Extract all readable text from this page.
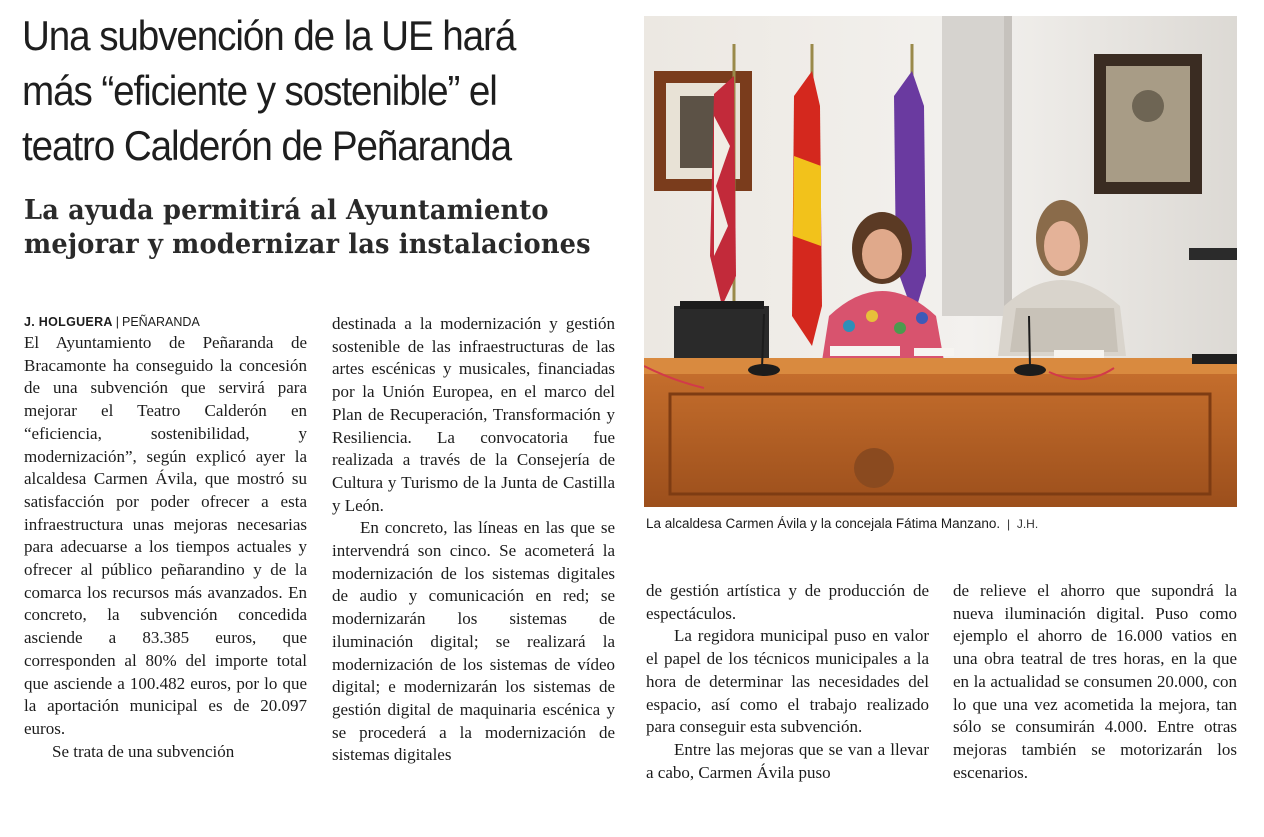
Una subvención de la UE hará más “eficiente y sostenible” el teatro Calderón de Peñaranda
La ayuda permitirá al Ayuntamiento mejorar y modernizar las instalaciones
J. HOLGUERA | PEÑARANDA

El Ayuntamiento de Peñaranda de Bracamonte ha conseguido la concesión de una subvención que servirá para mejorar el Teatro Calderón en “eficiencia, sostenibilidad, y modernización”, según explicó ayer la alcaldesa Carmen Ávila, que mostró su satisfacción por poder ofrecer a esta infraestructura unas mejoras necesarias para adecuarse a los tiempos actuales y ofrecer al público peñarandino y de la comarca los recursos más avanzados. En concreto, la subvención concedida asciende a 83.385 euros, que corresponden al 80% del importe total que asciende a 100.482 euros, por lo que la aportación municipal es de 20.097 euros.

Se trata de una subvención

destinada a la modernización y gestión sostenible de las infraestructuras de las artes escénicas y musicales, financiadas por la Unión Europea, en el marco del Plan de Recuperación, Transformación y Resiliencia. La convocatoria fue realizada a través de la Consejería de Cultura y Turismo de la Junta de Castilla y León.

En concreto, las líneas en las que se intervendrá son cinco. Se acometerá la modernización de los sistemas digitales de audio y comunicación en red; se modernizarán los sistemas de iluminación digital; se realizará la modernización de los sistemas de vídeo digital; e modernizarán los sistemas de gestión digital de maquinaria escénica y se procederá a la modernización de sistemas digitales

La alcaldesa Carmen Ávila y la concejala Fátima Manzano. | J.H.

de gestión artística y de producción de espectáculos.

La regidora municipal puso en valor el papel de los técnicos municipales a la hora de determinar las necesidades del espacio, así como el trabajo realizado para conseguir esta subvención.

Entre las mejoras que se van a llevar a cabo, Carmen Ávila puso

de relieve el ahorro que supondrá la nueva iluminación digital. Puso como ejemplo el ahorro de 16.000 vatios en una obra teatral de tres horas, en la que en la actualidad se consumen 20.000, con lo que una vez acometida la mejora, tan sólo se consumirán 4.000. Entre otras mejoras también se motorizarán los escenarios.
